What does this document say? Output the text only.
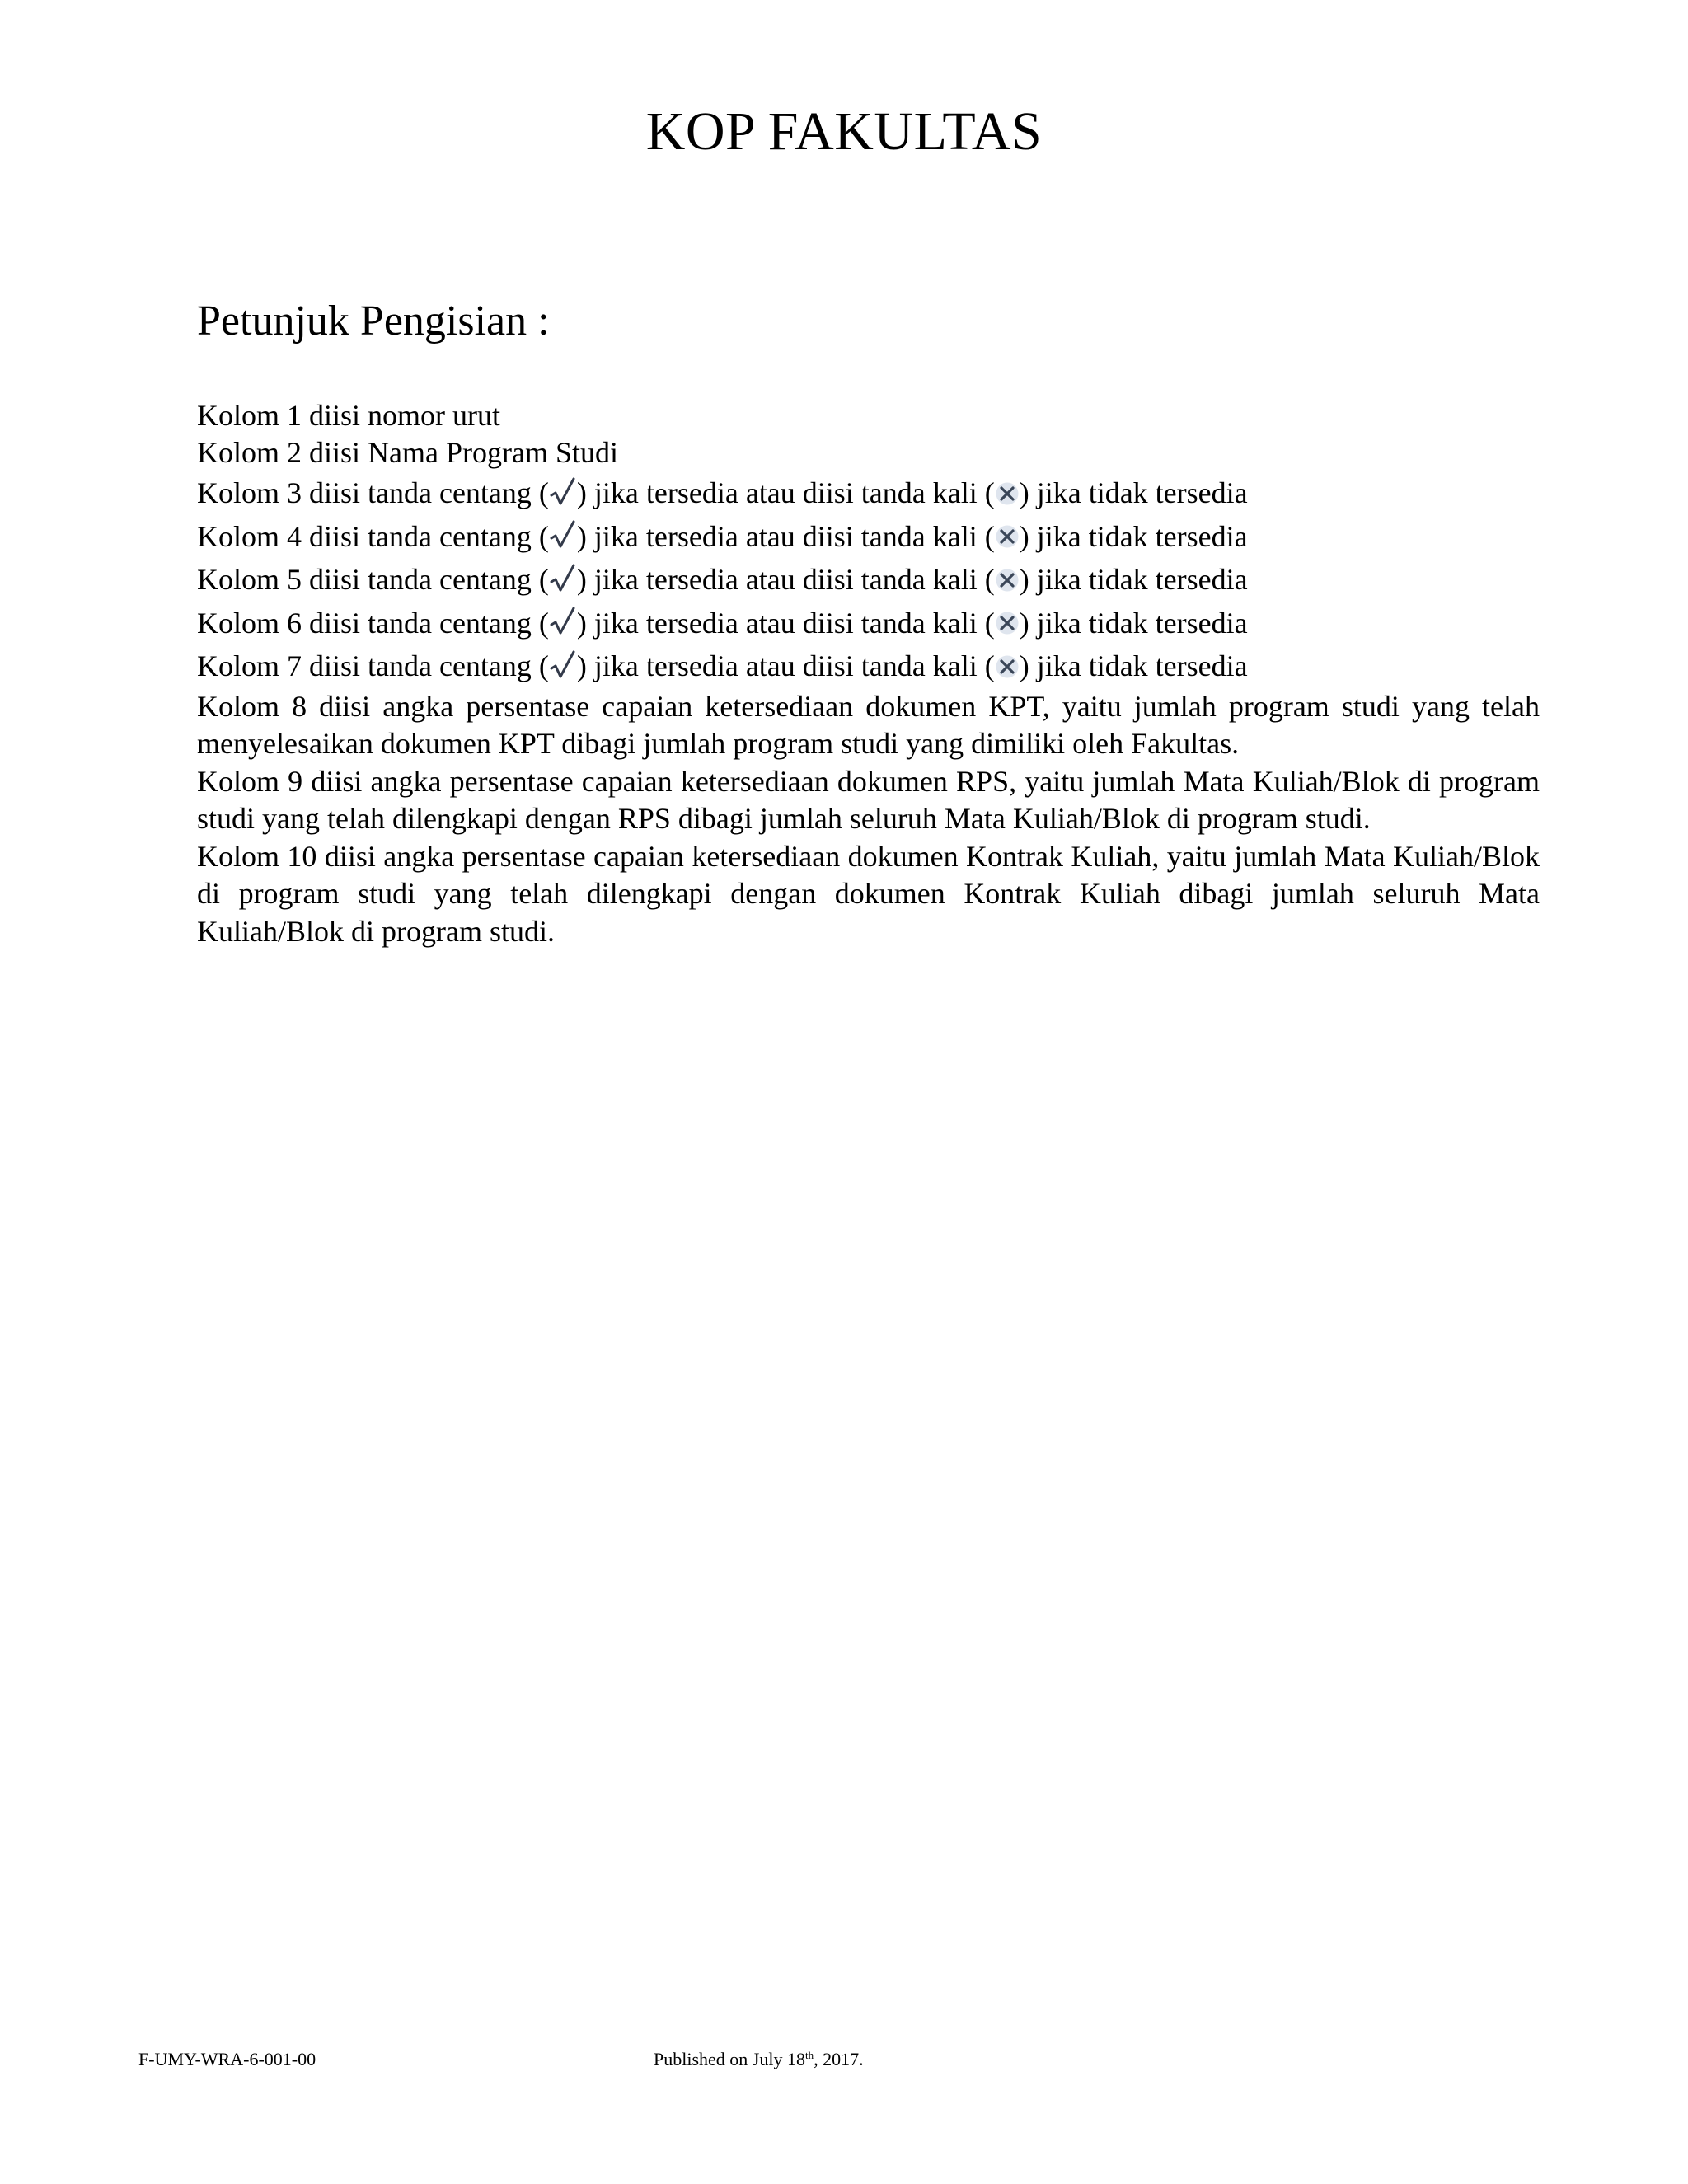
KOP FAKULTAS
Petunjuk Pengisian :

Kolom 1 diisi nomor urut

Kolom 2 diisi Nama Program Studi

Kolom 3 diisi tanda centang ( ) jika tersedia atau diisi tanda kali ( ) jika tidak tersedia

Kolom 4 diisi tanda centang ( ) jika tersedia atau diisi tanda kali ( ) jika tidak tersedia

Kolom 5 diisi tanda centang ( ) jika tersedia atau diisi tanda kali ( ) jika tidak tersedia

Kolom 6 diisi tanda centang ( ) jika tersedia atau diisi tanda kali ( ) jika tidak tersedia

Kolom 7 diisi tanda centang ( ) jika tersedia atau diisi tanda kali ( ) jika tidak tersedia

Kolom 8 diisi angka persentase capaian ketersediaan dokumen KPT, yaitu jumlah program studi yang telah menyelesaikan dokumen KPT dibagi jumlah program studi yang dimiliki oleh Fakultas.

Kolom 9 diisi angka persentase capaian ketersediaan dokumen RPS, yaitu jumlah Mata Kuliah/Blok di program studi yang telah dilengkapi dengan RPS dibagi jumlah seluruh Mata Kuliah/Blok di program studi.

Kolom 10 diisi angka persentase capaian ketersediaan dokumen Kontrak Kuliah, yaitu jumlah Mata Kuliah/Blok di program studi yang telah dilengkapi dengan dokumen Kontrak Kuliah dibagi jumlah seluruh Mata Kuliah/Blok di program studi.

F-UMY-WRA-6-001-00	Published on July 18th, 2017.
